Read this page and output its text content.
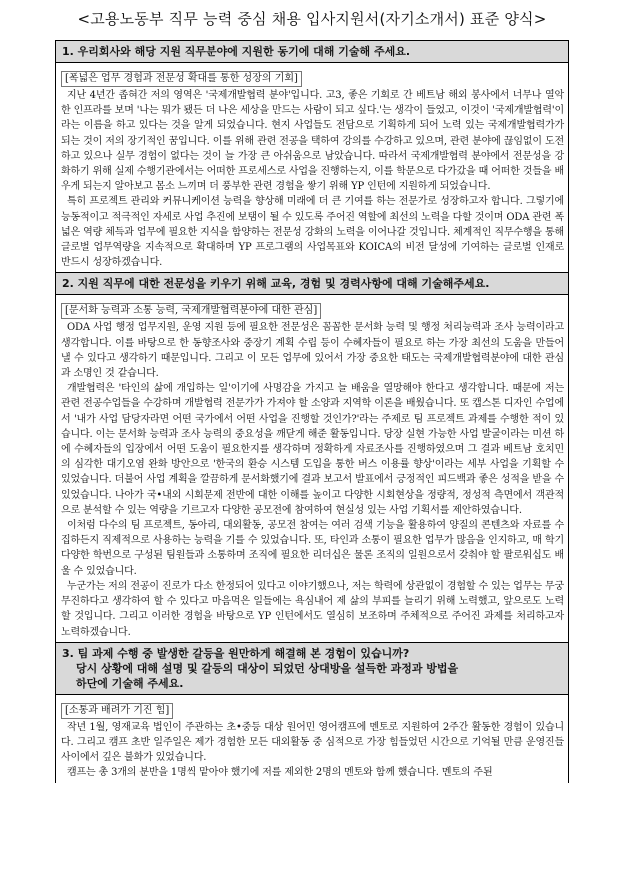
<고용노동부 직무 능력 중심 채용 입사지원서(자기소개서) 표준 양식>
1. 우리회사와 해당 지원 직무분야에 지원한 동기에 대해 기술해 주세요.
[폭넓은 업무 경험과 전문성 확대를 통한 성장의 기회]

지난 4년간 좁혀간 저의 영역은 '국제개발협력 분야'입니다. 고3, 좋은 기회로 간 베트남 해외 봉사에서 너무나 열악한 인프라를 보며 '나는 뭐가 됐든 더 나은 세상을 만드는 사람이 되고 싶다.'는 생각이 들었고, 이것이 '국제개발협력'이라는 이름을 하고 있다는 것을 알게 되었습니다. 현지 사업들도 전담으로 기획하게 되어 노력 있는 국제개발협력가가 되는 것이 저의 장기적인 꿈입니다. 이를 위해 관련 전공을 택하여 강의를 수강하고 있으며, 관련 분야에 끊임없이 도전하고 있으나 실무 경험이 없다는 것이 늘 가장 큰 아쉬움으로 남았습니다. 따라서 국제개발협력 분야에서 전문성을 강화하기 위해 실제 수행기관에서는 어떠한 프로세스로 사업을 진행하는지, 이를 학문으로 다가갔을 때 어떠한 것들을 배우게 되는지 알아보고 몸소 느끼며 더 풍부한 관련 경험을 쌓기 위해 YP 인턴에 지원하게 되었습니다.

특히 프로젝트 관리와 커뮤니케이션 능력을 향상해 미래에 더 큰 기여를 하는 전문가로 성장하고자 합니다. 그렇기에 능동적이고 적극적인 자세로 사업 추진에 보탬이 될 수 있도록 주어진 역할에 최선의 노력을 다할 것이며 ODA 관련 폭넓은 역량 체득과 업무에 필요한 지식을 함양하는 전문성 강화의 노력을 이어나갈 것입니다. 체계적인 직무수행을 통해 글로벌 업무역량을 지속적으로 확대하며 YP 프로그램의 사업목표와 KOICA의 비전 달성에 기여하는 글로벌 인재로 반드시 성장하겠습니다.

2. 지원 직무에 대한 전문성을 키우기 위해 교육, 경험 및 경력사항에 대해 기술해주세요.
[문서화 능력과 소통 능력, 국제개발협력분야에 대한 관심]

ODA 사업 행정 업무지원, 운영 지원 등에 필요한 전문성은 꼼꼼한 문서화 능력 및 행정 처리능력과 조사 능력이라고 생각합니다. 이를 바탕으로 한 동향조사와 중장기 계획 수립 등이 수혜자들이 필요로 하는 가장 최선의 도움을 만들어낼 수 있다고 생각하기 때문입니다. 그리고 이 모든 업무에 있어서 가장 중요한 태도는 국제개발협력분야에 대한 관심과 소명인 것 같습니다.

개발협력은 '타인의 삶에 개입하는 일'이기에 사명감을 가지고 늘 배움을 열망해야 한다고 생각합니다. 때문에 저는 관련 전공수업들을 수강하며 개발협력 전문가가 가져야 할 소양과 지역학 이론을 배웠습니다. 또 캡스톤 디자인 수업에서 '내가 사업 담당자라면 어떤 국가에서 어떤 사업을 진행할 것인가?'라는 주제로 팀 프로젝트 과제를 수행한 적이 있습니다. 이는 문서화 능력과 조사 능력의 중요성을 깨닫게 해준 활동입니다. 당장 실현 가능한 사업 발굴이라는 미션 하에 수혜자들의 입장에서 어떤 도움이 필요한지를 생각하며 정확하게 자료조사를 진행하였으며 그 결과 베트남 호치민의 심각한 대기오염 완화 방안으로 '한국의 환승 시스템 도입을 통한 버스 이용률 향상'이라는 세부 사업을 기획할 수 있었습니다. 더불어 사업 계획을 깔끔하게 문서화했기에 결과 보고서 발표에서 긍정적인 피드백과 좋은 성적을 받을 수 있었습니다. 나아가 국•내외 시회문제 전반에 대한 이해를 높이고 다양한 시회현상을 정량적, 정성적 측면에서 객관적으로 분석할 수 있는 역량을 기르고자 다양한 공모전에 참여하여 현실성 있는 사업 기획서를 제안하였습니다.

이처럼 다수의 팀 프로젝트, 동아리, 대외활동, 공모전 참여는 여러 검색 기능을 활용하여 양질의 콘텐츠와 자료를 수집하든지 직제적으로 사용하는 능력을 기를 수 있었습니다. 또, 타인과 소통이 필요한 업무가 많음을 인지하고, 매 학기 다양한 학번으로 구성된 팀원들과 소통하며 조직에 필요한 리더십은 물론 조직의 일원으로서 갖춰야 할 팔로워십도 배울 수 있었습니다.

누군가는 저의 전공이 진로가 다소 한정되어 있다고 이야기했으나, 저는 학력에 상관없이 경험할 수 있는 업무는 무궁무진하다고 생각하여 할 수 있다고 마음먹은 일들에는 욕심내어 제 삶의 부피를 늘리기 위해 노력했고, 앞으로도 노력할 것입니다. 그리고 이러한 경험을 바탕으로 YP 인턴에서도 열심히 보조하며 주체적으로 주어진 과제를 처리하고자 노력하겠습니다.

3. 팀 과제 수행 중 발생한 갈등을 원만하게 해결해 본 경험이 있습니까?
당시 상황에 대해 설명 및 갈등의 대상이 되었던 상대방을 설득한 과정과 방법을
하단에 기술해 주세요.
[소통과 배려가 기진 힘]

작년 1월, 영재교육 법인이 주관하는 초•중등 대상 원어민 영어캠프에 멘토로 지원하여 2주간 활동한 경험이 있습니다. 그리고 캠프 초반 일주일은 제가 경험한 모든 대외활동 중 심적으로 가장 힘들었던 시간으로 기억될 만큼 운영진들 사이에서 깊은 불화가 있었습니다.

캠프는 총 3개의 분반을 1명씩 맡아야 했기에 저를 제외한 2명의 멘토와 함께 했습니다. 멘토의 주된
